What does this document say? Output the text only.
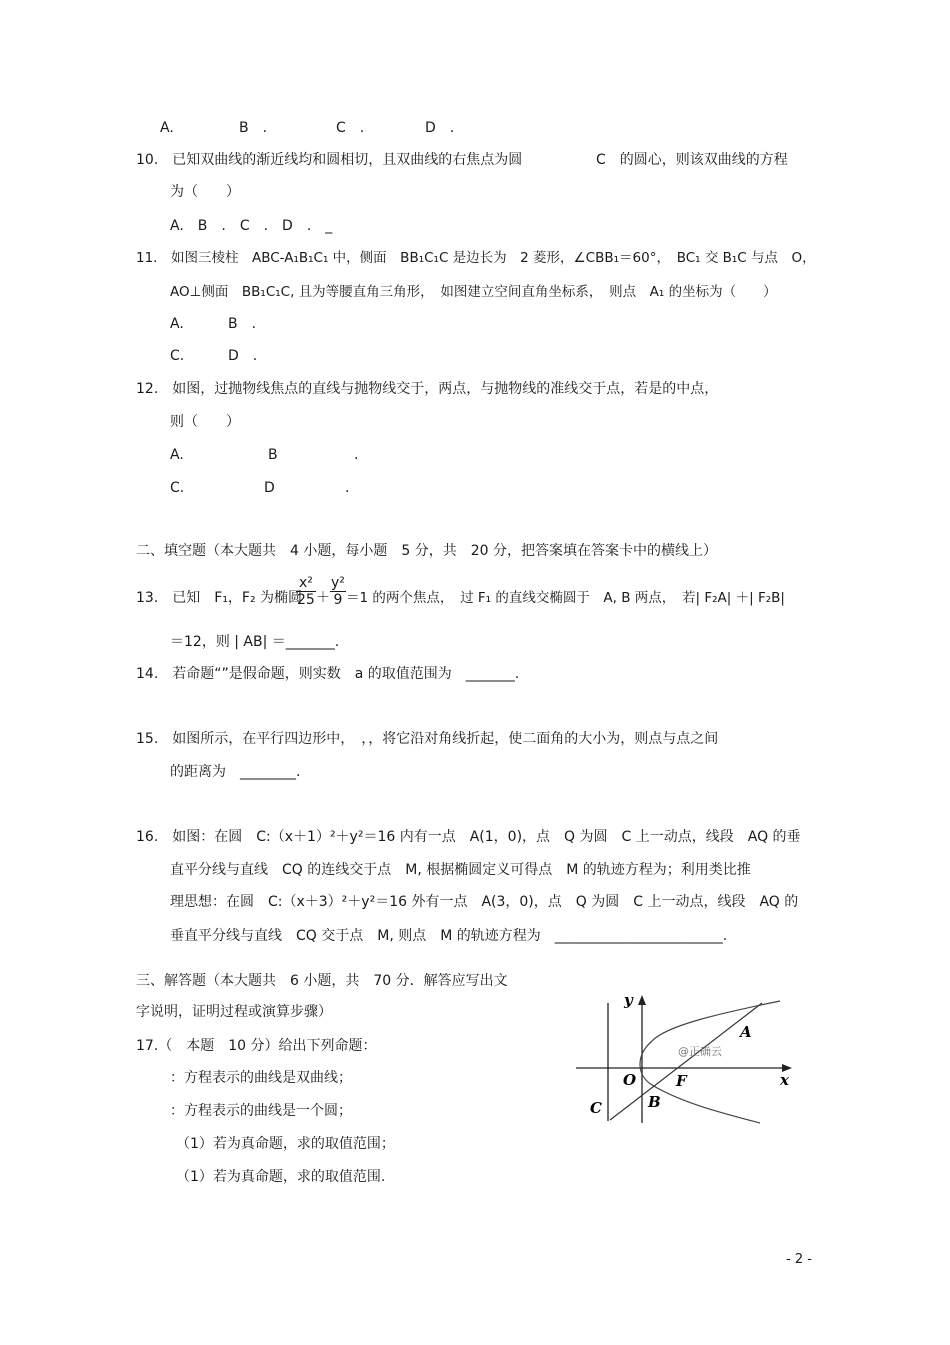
A.	B　.	C　.	D　.
10.　已知双曲线的渐近线均和圆相切，且双曲线的右焦点为圆	C　的圆心，则该双曲线的方程
为（　　）
A.　B　.　C　.　D　.　_
11.　如图三棱柱　ABC-A₁B₁C₁ 中，侧面　BB₁C₁C 是边长为　2 菱形，∠CBB₁＝60°，　BC₁ 交 B₁C 与点　O，
AO⊥侧面　BB₁C₁C, 且为等腰直角三角形，　如图建立空间直角坐标系，　则点　A₁ 的坐标为（　　）
A.	B　.
C.	D　.
12.　如图，过抛物线焦点的直线与抛物线交于，两点，与抛物线的准线交于点，若是的中点，
则（　　）
A.	B	.
C.	D	.
二、填空题（本大题共　4 小题，每小题　5 分，共　20 分，把答案填在答案卡中的横线上）
13.　已知　F₁，F₂ 为椭圆
$\frac{\text{x²}}{25} + \frac{\text{y²}}{9} =1$ 的两个焦点，　过 F₁ 的直线交椭圆于　A, B 两点，　若| F₂A| ＋| F₂B|
＝12，则 | AB| ＝_______.
14.　若命题“”是假命题，则实数　a 的取值范围为　_______.
15.　如图所示，在平行四边形中，　，，将它沿对角线折起，使二面角的大小为，则点与点之间
的距离为　________.
16.　如图：在圆　C:（x＋1）²＋y²＝16 内有一点　A(1，0)，点　Q 为圆　C 上一动点，线段　AQ 的垂
直平分线与直线　CQ 的连线交于点　M, 根据椭圆定义可得点　M 的轨迹方程为；利用类比推
理思想：在圆　C:（x＋3）²＋y²＝16 外有一点　A(3，0)，点　Q 为圆　C 上一动点，线段　AQ 的
垂直平分线与直线　CQ 交于点　M, 则点　M 的轨迹方程为　________________________.
三、解答题（本大题共　6 小题，共　70 分．解答应写出文
字说明，证明过程或演算步骤）
17.（　本题　10 分）给出下列命题：
：方程表示的曲线是双曲线；
：方程表示的曲线是一个圆；
（1）若为真命题，求的取值范围；
（1）若为真命题，求的取值范围.
y
x
O	F
A
B
C
@正确云
- 2 -
